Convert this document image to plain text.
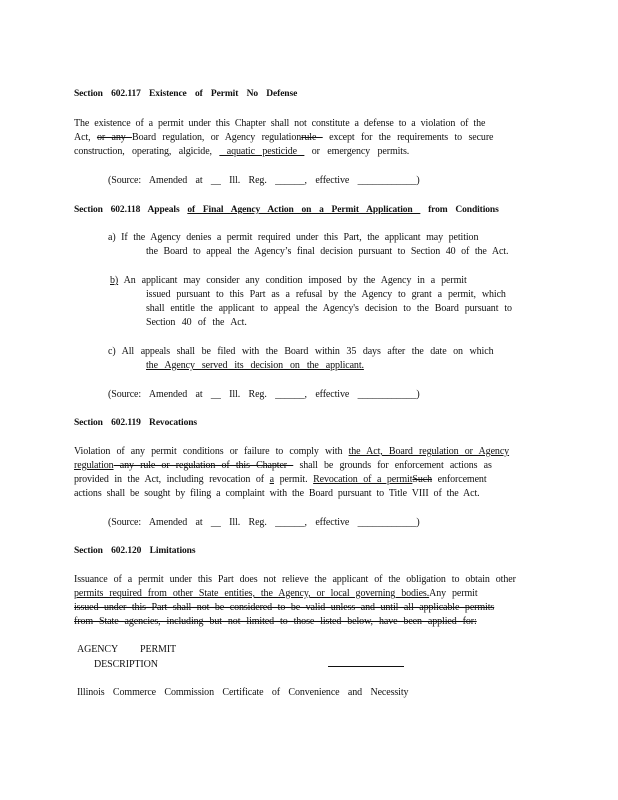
Section 602.117 Existence of Permit No Defense
The existence of a permit under this Chapter shall not constitute a defense to a violation of the
Act, or any Board regulation, or Agency regulationrule  except for the requirements to secure
construction, operating, algicide,  aquatic pesticide  or emergency permits.
(Source: Amended at __ Ill. Reg. ______, effective ____________)
Section 602.118 Appeals of Final Agency Action on a Permit Application  from Conditions
a) If the Agency denies a permit required under this Part, the applicant may petition
the Board to appeal the Agency’s final decision pursuant to Section 40 of the Act.
b) An applicant may consider any condition imposed by the Agency in a permit
issued pursuant to this Part as a refusal by the Agency to grant a permit, which
shall entitle the applicant to appeal the Agency's decision to the Board pursuant to
Section 40 of the Act.
c) All appeals shall be filed with the Board within 35 days after the date on which
the Agency served its decision on the applicant.
(Source: Amended at __ Ill. Reg. ______, effective ____________)
Section 602.119 Revocations
Violation of any permit conditions or failure to comply with the Act, Board regulation or Agency
regulation any rule or regulation of this Chapter  shall be grounds for enforcement actions as
provided in the Act, including revocation of a permit. Revocation of a permitSuch enforcement
actions shall be sought by filing a complaint with the Board pursuant to Title VIII of the Act.
(Source: Amended at __ Ill. Reg. ______, effective ____________)
Section 602.120 Limitations
Issuance of a permit under this Part does not relieve the applicant of the obligation to obtain other
permits required from other State entities, the Agency, or local governing bodies.Any permit
issued under this Part shall not be considered to be valid unless and until all applicable permits
from State agencies, including but not limited to those listed below, have been applied for:
AGENCY PERMIT
DESCRIPTION
Illinois Commerce Commission Certificate of Convenience and Necessity
